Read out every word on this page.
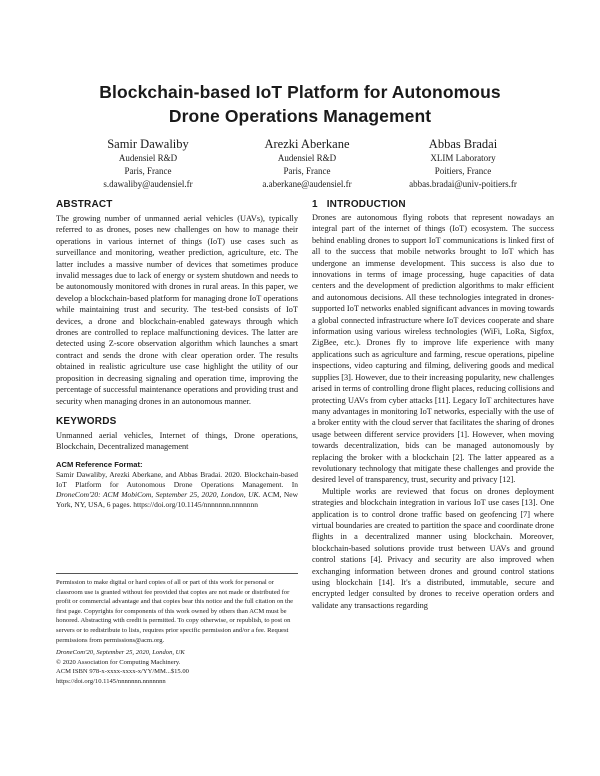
Blockchain-based IoT Platform for Autonomous
Drone Operations Management
Samir Dawaliby
Audensiel R&D
Paris, France
s.dawaliby@audensiel.fr
Arezki Aberkane
Audensiel R&D
Paris, France
a.aberkane@audensiel.fr
Abbas Bradai
XLIM Laboratory
Poitiers, France
abbas.bradai@univ-poitiers.fr
ABSTRACT

The growing number of unmanned aerial vehicles (UAVs), typically referred to as drones, poses new challenges on how to manage their operations in various internet of things (IoT) use cases such as surveillance and monitoring, weather prediction, agriculture, etc. The latter includes a massive number of devices that sometimes produce invalid messages due to lack of energy or system shutdown and needs to be autonomously monitored with drones in rural areas. In this paper, we develop a blockchain-based platform for managing drone IoT operations while maintaining trust and security. The test-bed consists of IoT devices, a drone and blockchain-enabled gateways through which drones are controlled to replace malfunctioning devices. The latter are detected using Z-score observation algorithm which launches a smart contract and sends the drone with clear operation order. The results obtained in realistic agriculture use case highlight the utility of our proposition in decreasing signaling and operation time, improving the percentage of successful maintenance operations and providing trust and security when managing drones in an autonomous manner.

KEYWORDS

Unmanned aerial vehicles, Internet of things, Drone operations, Blockchain, Decentralized management

ACM Reference Format:

Samir Dawaliby, Arezki Aberkane, and Abbas Bradai. 2020. Blockchain-based IoT Platform for Autonomous Drone Operations Management. In DroneCom'20: ACM MobiCom, September 25, 2020, London, UK. ACM, New York, NY, USA, 6 pages. https://doi.org/10.1145/nnnnnnn.nnnnnnn

Permission to make digital or hard copies of all or part of this work for personal or classroom use is granted without fee provided that copies are not made or distributed for profit or commercial advantage and that copies bear this notice and the full citation on the first page. Copyrights for components of this work owned by others than ACM must be honored. Abstracting with credit is permitted. To copy otherwise, or republish, to post on servers or to redistribute to lists, requires prior specific permission and/or a fee. Request permissions from permissions@acm.org.

DroneCom'20, September 25, 2020, London, UK

© 2020 Association for Computing Machinery.

ACM ISBN 978-x-xxxx-xxxx-x/YY/MM...$15.00

https://doi.org/10.1145/nnnnnnn.nnnnnnn

1   INTRODUCTION

Drones are autonomous flying robots that represent nowadays an integral part of the internet of things (IoT) ecosystem. The success behind enabling drones to support IoT communications is linked first of all to the success that mobile networks brought to IoT which has undergone an immense development. This success is also due to innovations in terms of image processing, huge capacities of data centers and the development of prediction algorithms to makr efficient and autonomous decisions. All these technologies integrated in drones-supported IoT networks enabled significant advances in moving towards a global connected infrastructure where IoT devices cooperate and share information using various wireless technologies (WiFi, LoRa, Sigfox, ZigBee, etc.). Drones fly to improve life experience with many applications such as agriculture and farming, rescue operations, pipeline inspections, video capturing and filming, delivering goods and medical supplies [3]. However, due to their increasing popularity, new challenges arised in terms of controlling drone flight places, reducing collisions and protecting UAVs from cyber attacks [11]. Legacy IoT architectures have many advantages in monitoring IoT networks, especially with the use of a broker entity with the cloud server that facilitates the sharing of drones usage between different service providers [1]. However, when moving towards decentralization, bids can be managed autonomously by replacing the broker with a blockchain [2]. The latter appeared as a revolutionary technology that mitigate these challenges and provide the desired level of transparency, trust, security and privacy [12].

Multiple works are reviewed that focus on drones deployment strategies and blockchain integration in various IoT use cases [13]. One application is to control drone traffic based on geofencing [7] where virtual boundaries are created to partition the space and coordinate drone flights in a decentralized manner using blockchain. Moreover, blockchain-based solutions provide trust between UAVs and ground control stations [4]. Privacy and security are also improved when exchanging information between drones and ground control stations using blockchain [14]. It's a distributed, immutable, secure and encrypted ledger consulted by drones to receive operation orders and validate any transactions regarding
